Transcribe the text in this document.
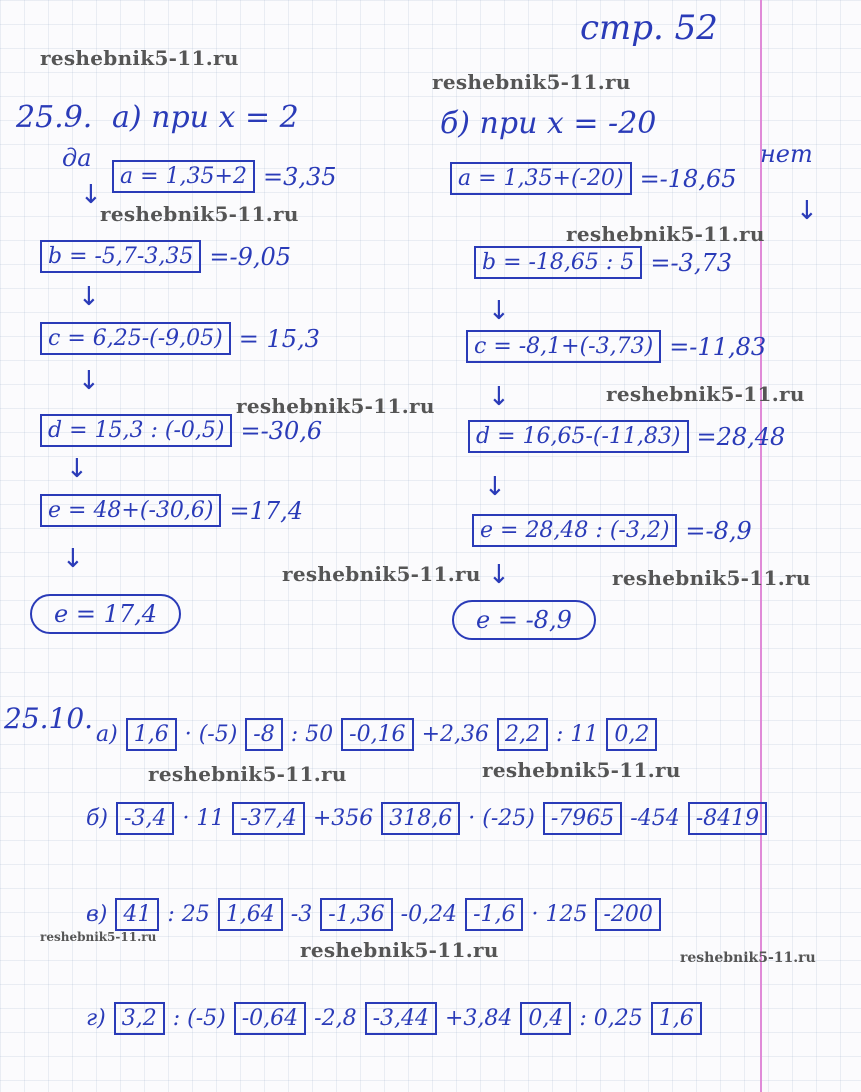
стр. 52
reshebnik5-11.ru
reshebnik5-11.ru
reshebnik5-11.ru
reshebnik5-11.ru
reshebnik5-11.ru
reshebnik5-11.ru
reshebnik5-11.ru	reshebnik5-11.ru
reshebnik5-11.ru	reshebnik5-11.ru
reshebnik5-11.ru
reshebnik5-11.ru	reshebnik5-11.ru
25.9. а) при x = 2	б) при x = -20
да
a = 1,35+2 =3,35
↓
b = -5,7-3,35 =-9,05
↓
c = 6,25-(-9,05) = 15,3
↓
d = 15,3 : (-0,5) =-30,6
↓
e = 48+(-30,6) =17,4
↓
e = 17,4
нет
a = 1,35+(-20) =-18,65
↓
b = -18,65 : 5 =-3,73
↓
c = -8,1+(-3,73) =-11,83
↓
d = 16,65-(-11,83) =28,48
↓
e = 28,48 : (-3,2) =-8,9
↓
e = -8,9
25.10. а) 1,6 · (-5) -8 : 50 -0,16 +2,36 2,2 : 11 0,2
б) -3,4 · 11 -37,4 +356 318,6 · (-25) -7965 -454 -8419
в) 41 : 25 1,64 -3 -1,36 -0,24 -1,6 · 125 -200
г) 3,2 : (-5) -0,64 -2,8 -3,44 +3,84 0,4 : 0,25 1,6
